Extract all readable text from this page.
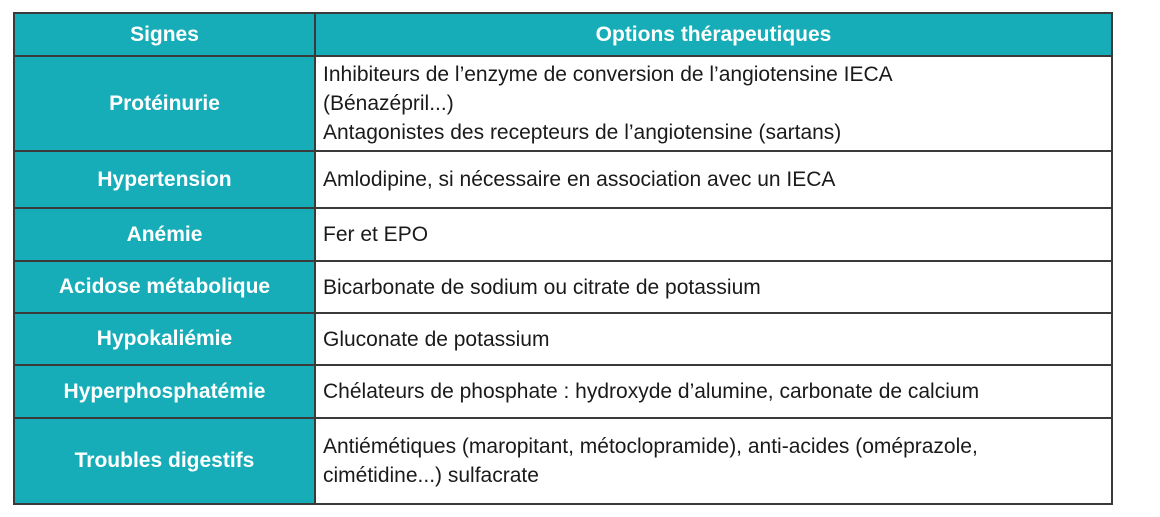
Signes	Options thérapeutiques
Protéinurie	Inhibiteurs de l’enzyme de conversion de l’angiotensine IECA
(Bénazépril...)
Antagonistes des recepteurs de l’angiotensine (sartans)

Hypertension	Amlodipine, si nécessaire en association avec un IECA

Anémie	Fer et EPO

Acidose métabolique	Bicarbonate de sodium ou citrate de potassium

Hypokaliémie	Gluconate de potassium

Hyperphosphatémie	Chélateurs de phosphate : hydroxyde d’alumine, carbonate de calcium

Troubles digestifs	Antiémétiques (maropitant, métoclopramide), anti-acides (oméprazole,
cimétidine...) sulfacrate
